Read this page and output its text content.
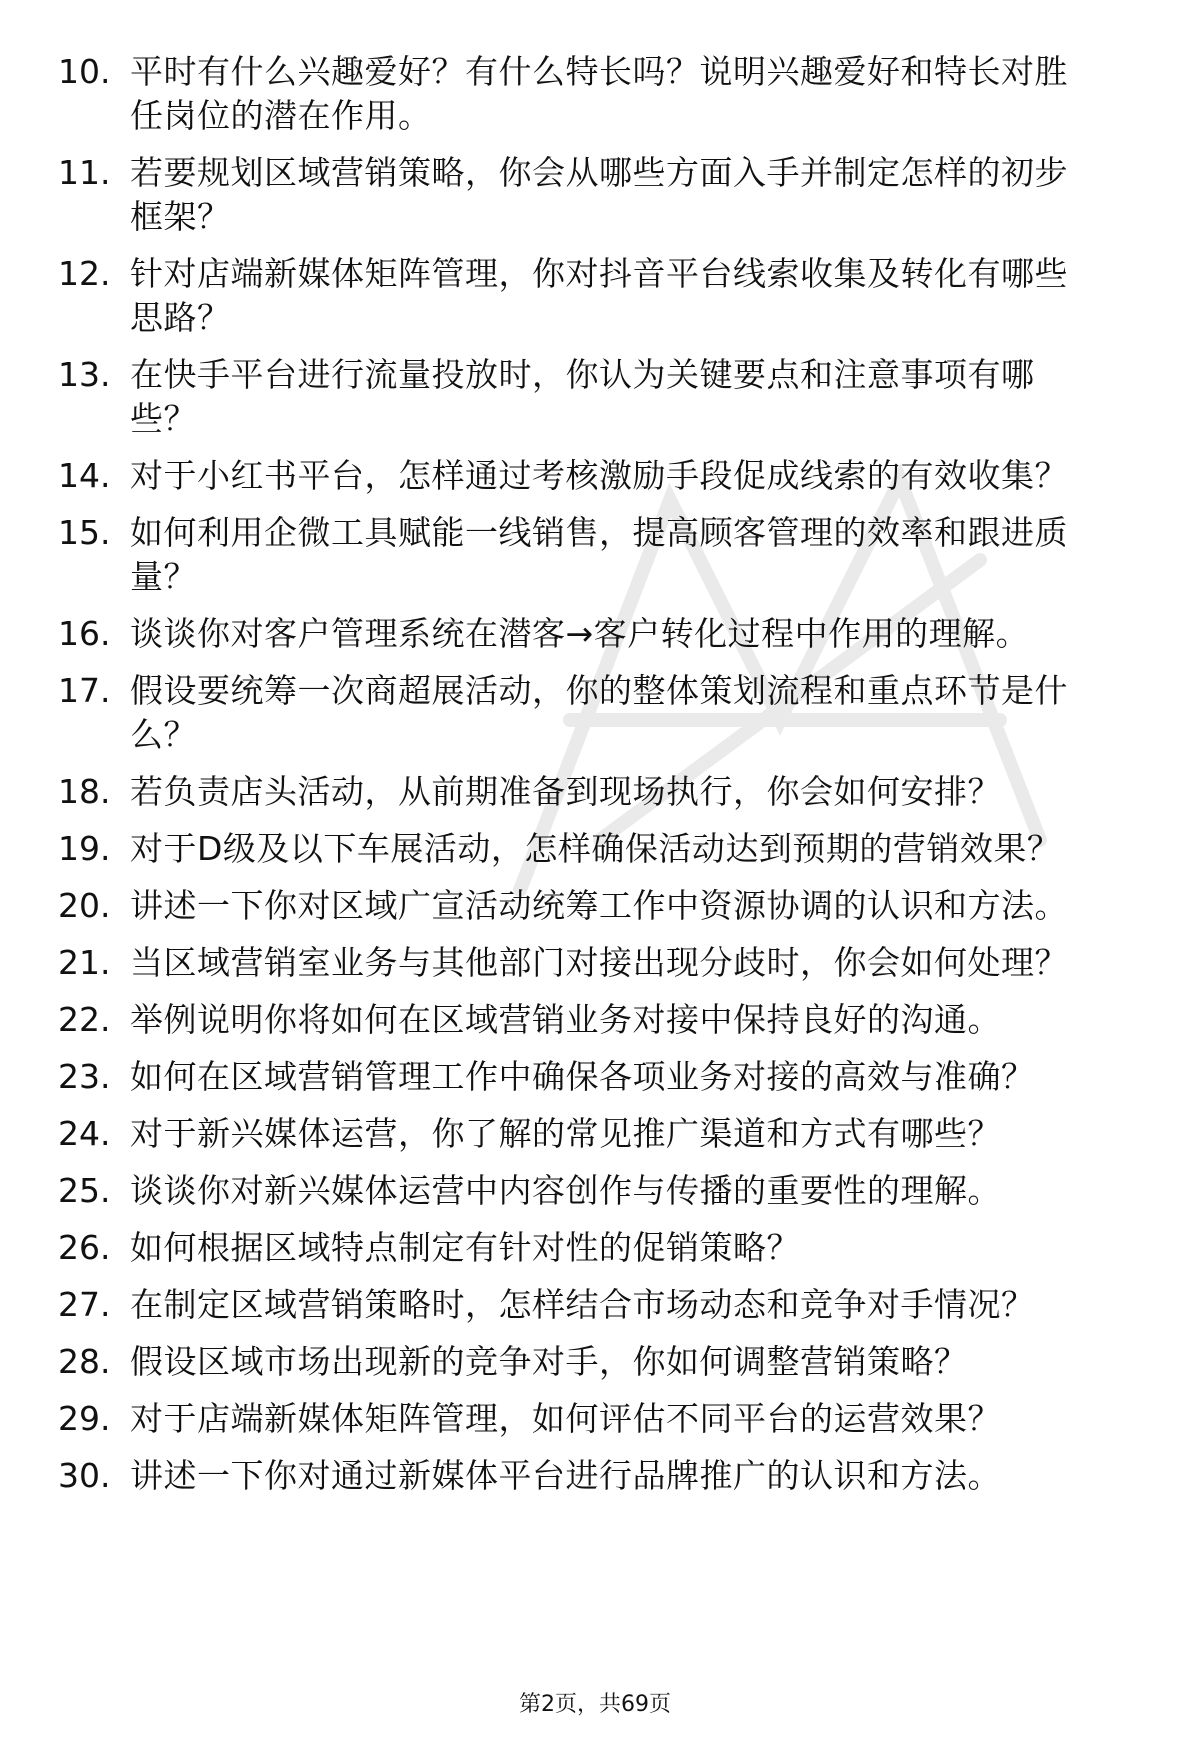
10. 平时有什么兴趣爱好？有什么特长吗？说明兴趣爱好和特长对胜
任岗位的潜在作用。
11. 若要规划区域营销策略，你会从哪些方面入手并制定怎样的初步
框架？
12. 针对店端新媒体矩阵管理，你对抖音平台线索收集及转化有哪些
思路？
13. 在快手平台进行流量投放时，你认为关键要点和注意事项有哪
些？
14. 对于小红书平台，怎样通过考核激励手段促成线索的有效收集？
15. 如何利用企微工具赋能一线销售，提高顾客管理的效率和跟进质
量？
16. 谈谈你对客户管理系统在潜客→客户转化过程中作用的理解。
17. 假设要统筹一次商超展活动，你的整体策划流程和重点环节是什
么？
18. 若负责店头活动，从前期准备到现场执行，你会如何安排？
19. 对于D级及以下车展活动，怎样确保活动达到预期的营销效果？
20. 讲述一下你对区域广宣活动统筹工作中资源协调的认识和方法。
21. 当区域营销室业务与其他部门对接出现分歧时，你会如何处理？
22. 举例说明你将如何在区域营销业务对接中保持良好的沟通。
23. 如何在区域营销管理工作中确保各项业务对接的高效与准确？
24. 对于新兴媒体运营，你了解的常见推广渠道和方式有哪些？
25. 谈谈你对新兴媒体运营中内容创作与传播的重要性的理解。
26. 如何根据区域特点制定有针对性的促销策略？
27. 在制定区域营销策略时，怎样结合市场动态和竞争对手情况？
28. 假设区域市场出现新的竞争对手，你如何调整营销策略？
29. 对于店端新媒体矩阵管理，如何评估不同平台的运营效果？
30. 讲述一下你对通过新媒体平台进行品牌推广的认识和方法。
第2页，共69页
